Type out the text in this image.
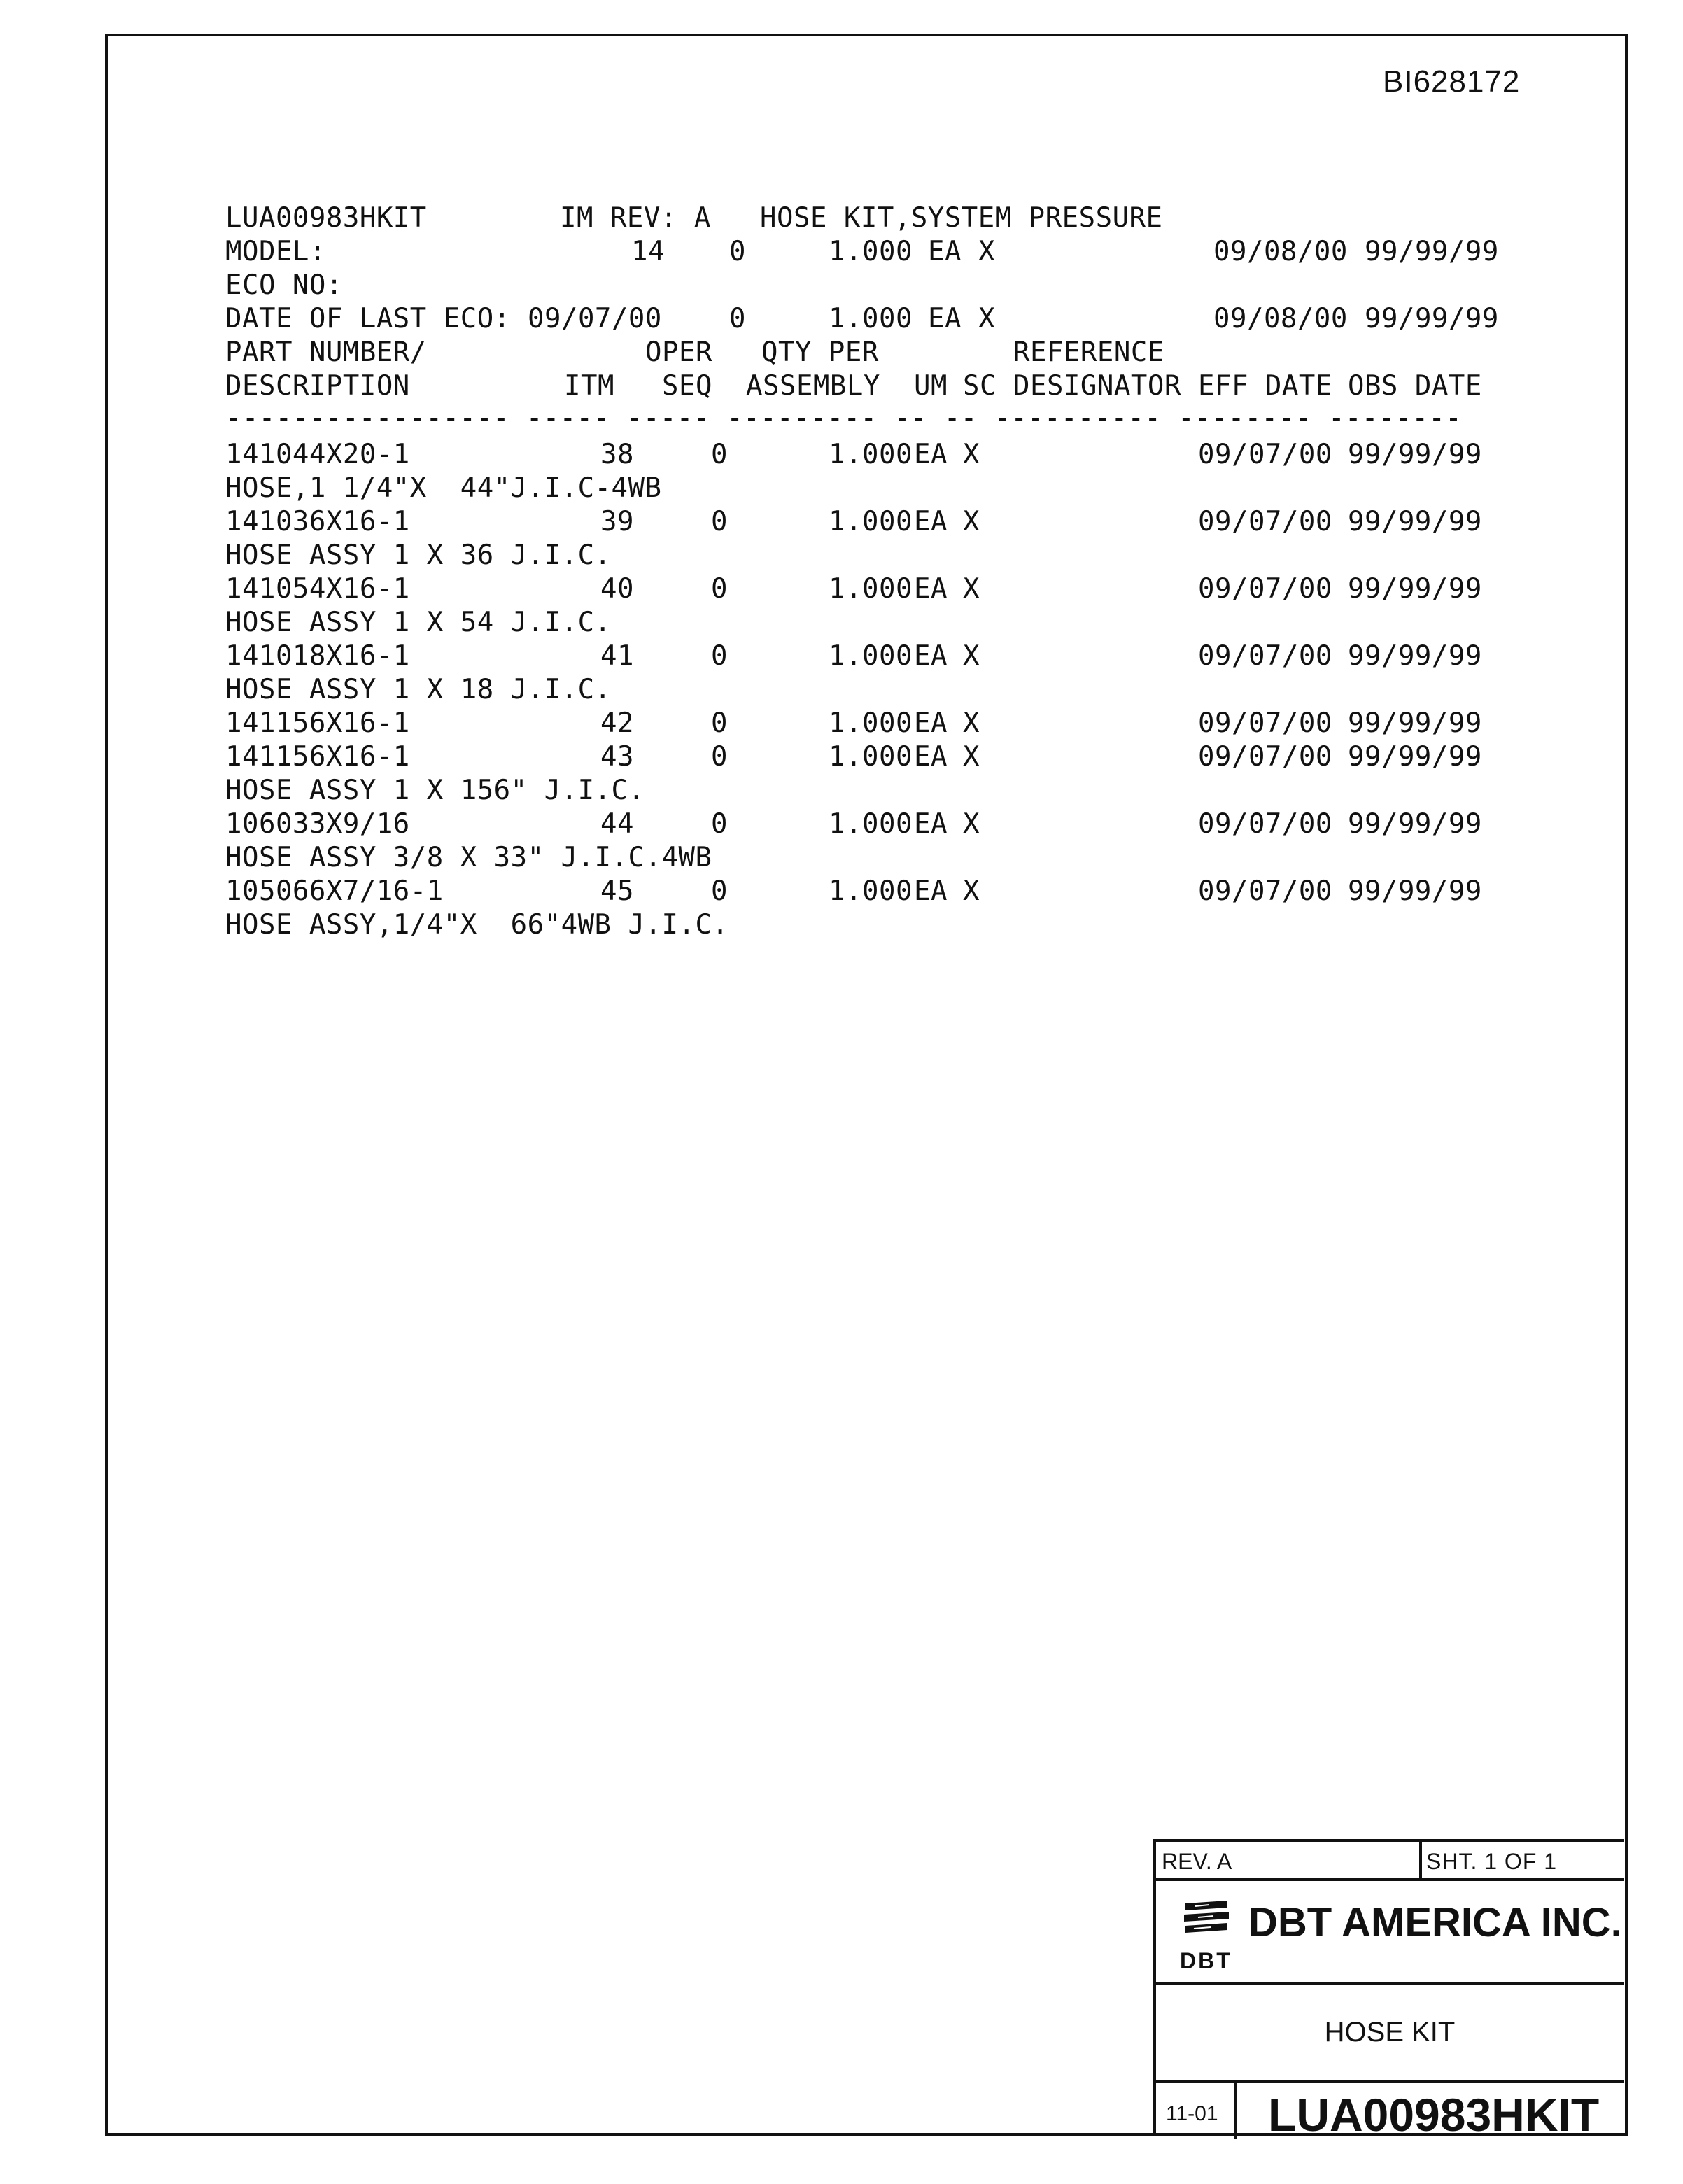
BI628172
LUA00983HKIT	IM REV: A HOSE KIT,SYSTEM PRESSURE
MODEL:	14	0	1.000 EA X	09/08/00 99/99/99
ECO NO:
DATE OF LAST ECO: 09/07/00	0	1.000 EA X	09/08/00 99/99/99
PART NUMBER/	OPER QTY PER	REFERENCE
DESCRIPTION	ITM SEQ ASSEMBLY UM SC DESIGNATOR EFF DATE OBS DATE
----------------- ----- ----- --------- -- -- ---------- -------- --------
141044X20-1	38	0	1.000 EA X	09/07/00 99/99/99
HOSE,1 1/4"X  44"J.I.C-4WB
141036X16-1	39	0	1.000 EA X	09/07/00 99/99/99
HOSE ASSY 1 X 36 J.I.C.
141054X16-1	40	0	1.000 EA X	09/07/00 99/99/99
HOSE ASSY 1 X 54 J.I.C.
141018X16-1	41	0	1.000 EA X	09/07/00 99/99/99
HOSE ASSY 1 X 18 J.I.C.
141156X16-1	42	0	1.000 EA X	09/07/00 99/99/99
141156X16-1	43	0	1.000 EA X	09/07/00 99/99/99
HOSE ASSY 1 X 156" J.I.C.
106033X9/16	44	0	1.000 EA X	09/07/00 99/99/99
HOSE ASSY 3/8 X 33" J.I.C.4WB
105066X7/16-1	45	0	1.000 EA X	09/07/00 99/99/99
HOSE ASSY,1/4"X  66"4WB J.I.C.
REV. A	SHT. 1 OF 1
DBT AMERICA INC.
DBT
HOSE KIT
11-01 LUA00983HKIT
